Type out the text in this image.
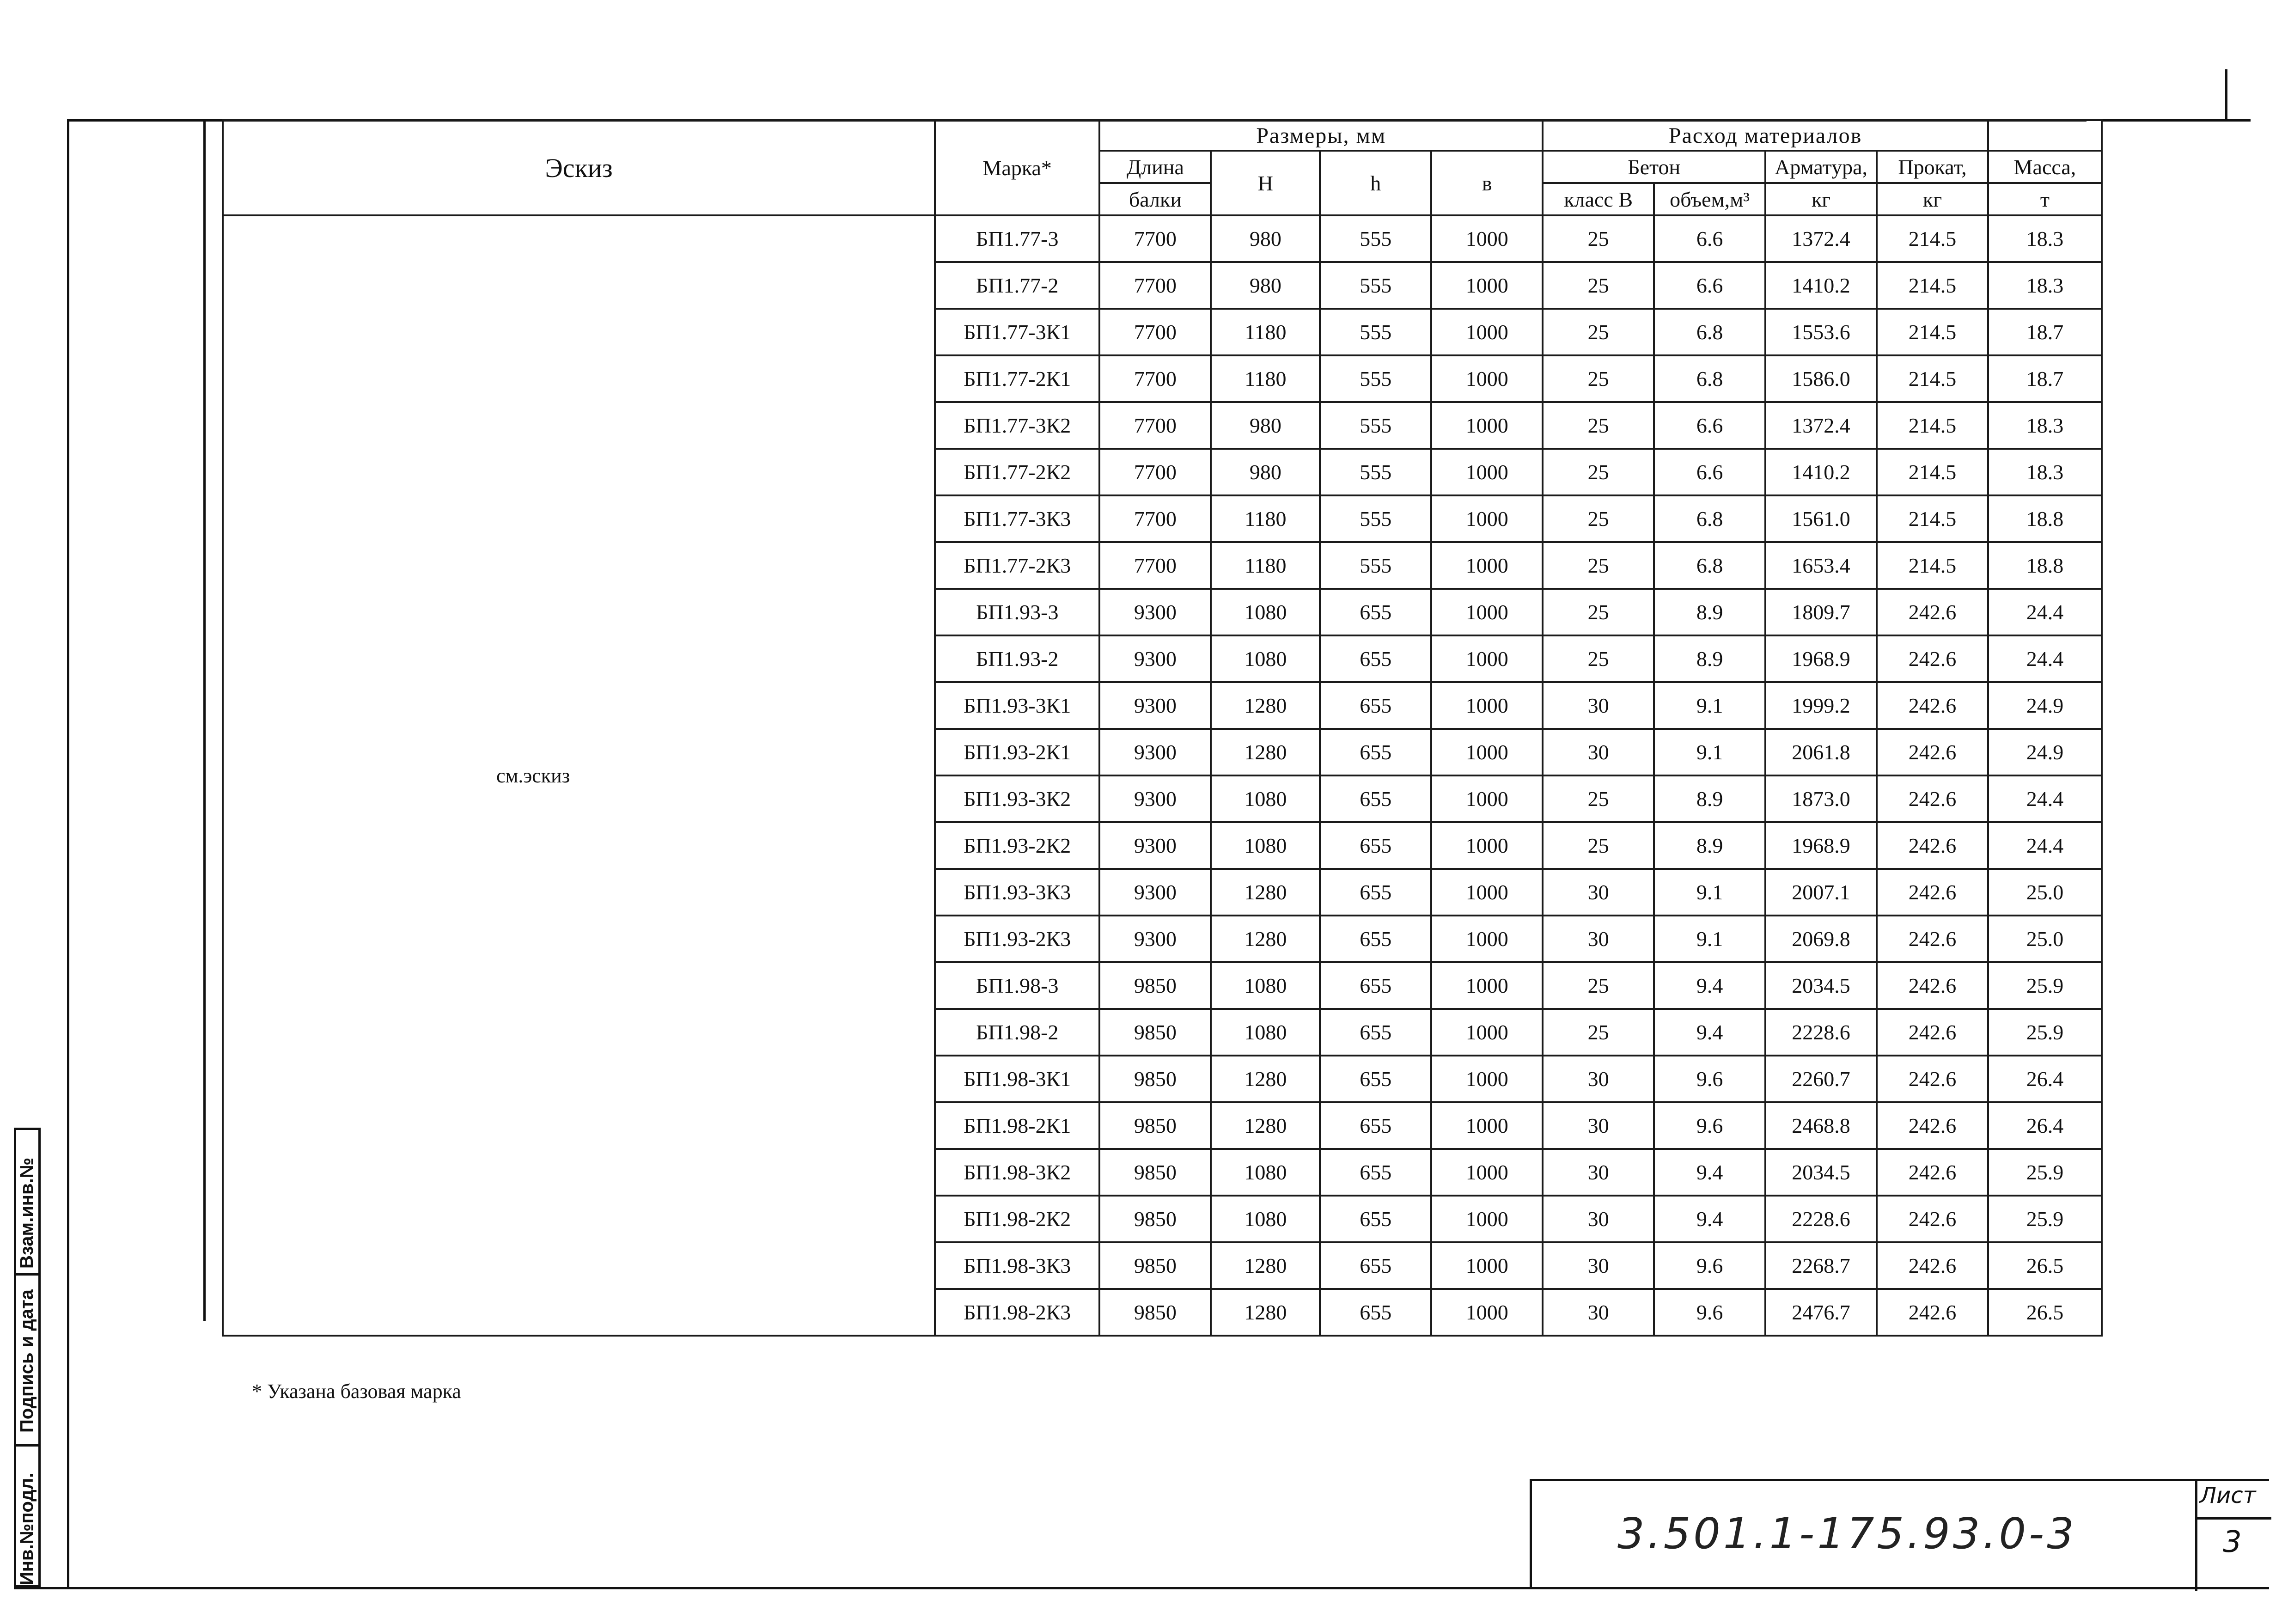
Инв.№подл.
Подпись и дата
Взам.инв.№
Эскиз	Марка*	Размеры, мм				Расход материалов				
		Длина	H	h	в	Бетон		Арматура,	Прокат,	Масса,
		балки				класс В	объем,м³	кг	кг	т
см.эскиз	БП1.77-3	7700	980	555	1000	25	6.6	1372.4	214.5	18.3
	БП1.77-2	7700	980	555	1000	25	6.6	1410.2	214.5	18.3
	БП1.77-3К1	7700	1180	555	1000	25	6.8	1553.6	214.5	18.7
	БП1.77-2К1	7700	1180	555	1000	25	6.8	1586.0	214.5	18.7
	БП1.77-3К2	7700	980	555	1000	25	6.6	1372.4	214.5	18.3
	БП1.77-2К2	7700	980	555	1000	25	6.6	1410.2	214.5	18.3
	БП1.77-3К3	7700	1180	555	1000	25	6.8	1561.0	214.5	18.8
	БП1.77-2К3	7700	1180	555	1000	25	6.8	1653.4	214.5	18.8
	БП1.93-3	9300	1080	655	1000	25	8.9	1809.7	242.6	24.4
	БП1.93-2	9300	1080	655	1000	25	8.9	1968.9	242.6	24.4
	БП1.93-3К1	9300	1280	655	1000	30	9.1	1999.2	242.6	24.9
	БП1.93-2К1	9300	1280	655	1000	30	9.1	2061.8	242.6	24.9
	БП1.93-3К2	9300	1080	655	1000	25	8.9	1873.0	242.6	24.4
	БП1.93-2К2	9300	1080	655	1000	25	8.9	1968.9	242.6	24.4
	БП1.93-3К3	9300	1280	655	1000	30	9.1	2007.1	242.6	25.0
	БП1.93-2К3	9300	1280	655	1000	30	9.1	2069.8	242.6	25.0
	БП1.98-3	9850	1080	655	1000	25	9.4	2034.5	242.6	25.9
	БП1.98-2	9850	1080	655	1000	25	9.4	2228.6	242.6	25.9
	БП1.98-3К1	9850	1280	655	1000	30	9.6	2260.7	242.6	26.4
	БП1.98-2К1	9850	1280	655	1000	30	9.6	2468.8	242.6	26.4
	БП1.98-3К2	9850	1080	655	1000	30	9.4	2034.5	242.6	25.9
	БП1.98-2К2	9850	1080	655	1000	30	9.4	2228.6	242.6	25.9
	БП1.98-3К3	9850	1280	655	1000	30	9.6	2268.7	242.6	26.5
	БП1.98-2К3	9850	1280	655	1000	30	9.6	2476.7	242.6	26.5
* Указана базовая марка
3.501.1-175.93.0-3
Лист
3
